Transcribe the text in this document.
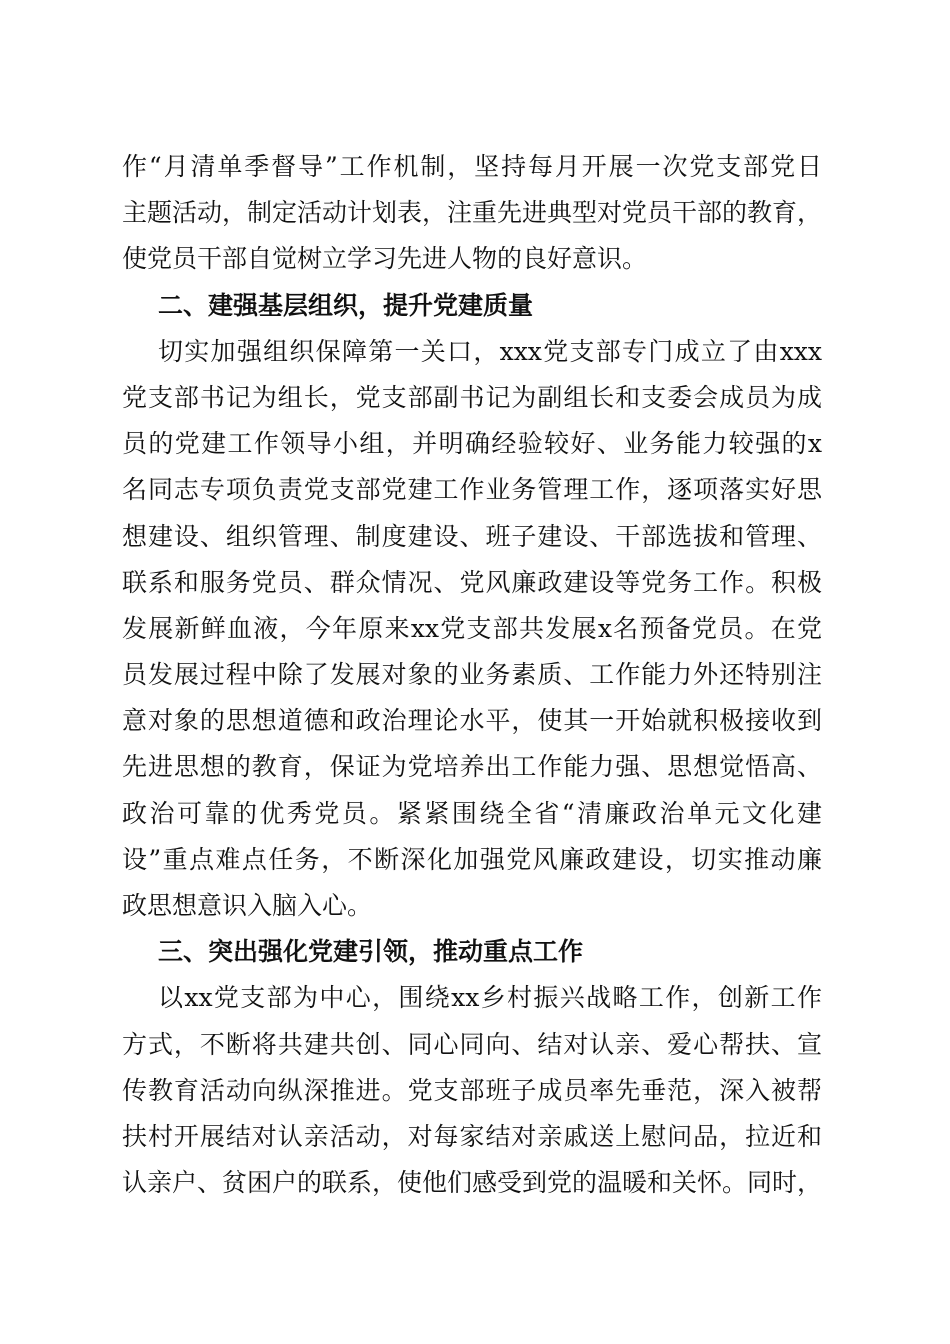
作“月清单季督导”工作机制，坚持每月开展一次党支部党日
主题活动，制定活动计划表，注重先进典型对党员干部的教育，
使党员干部自觉树立学习先进人物的良好意识。
二、建强基层组织，提升党建质量
切实加强组织保障第一关口，xxx党支部专门成立了由xxx
党支部书记为组长，党支部副书记为副组长和支委会成员为成
员的党建工作领导小组，并明确经验较好、业务能力较强的x
名同志专项负责党支部党建工作业务管理工作，逐项落实好思
想建设、组织管理、制度建设、班子建设、干部选拔和管理、
联系和服务党员、群众情况、党风廉政建设等党务工作。积极
发展新鲜血液，今年原来xx党支部共发展x名预备党员。在党
员发展过程中除了发展对象的业务素质、工作能力外还特别注
意对象的思想道德和政治理论水平，使其一开始就积极接收到
先进思想的教育，保证为党培养出工作能力强、思想觉悟高、
政治可靠的优秀党员。紧紧围绕全省“清廉政治单元文化建
设”重点难点任务，不断深化加强党风廉政建设，切实推动廉
政思想意识入脑入心。
三、突出强化党建引领，推动重点工作
以xx党支部为中心，围绕xx乡村振兴战略工作，创新工作
方式，不断将共建共创、同心同向、结对认亲、爱心帮扶、宣
传教育活动向纵深推进。党支部班子成员率先垂范，深入被帮
扶村开展结对认亲活动，对每家结对亲戚送上慰问品，拉近和
认亲户、贫困户的联系，使他们感受到党的温暖和关怀。同时，
